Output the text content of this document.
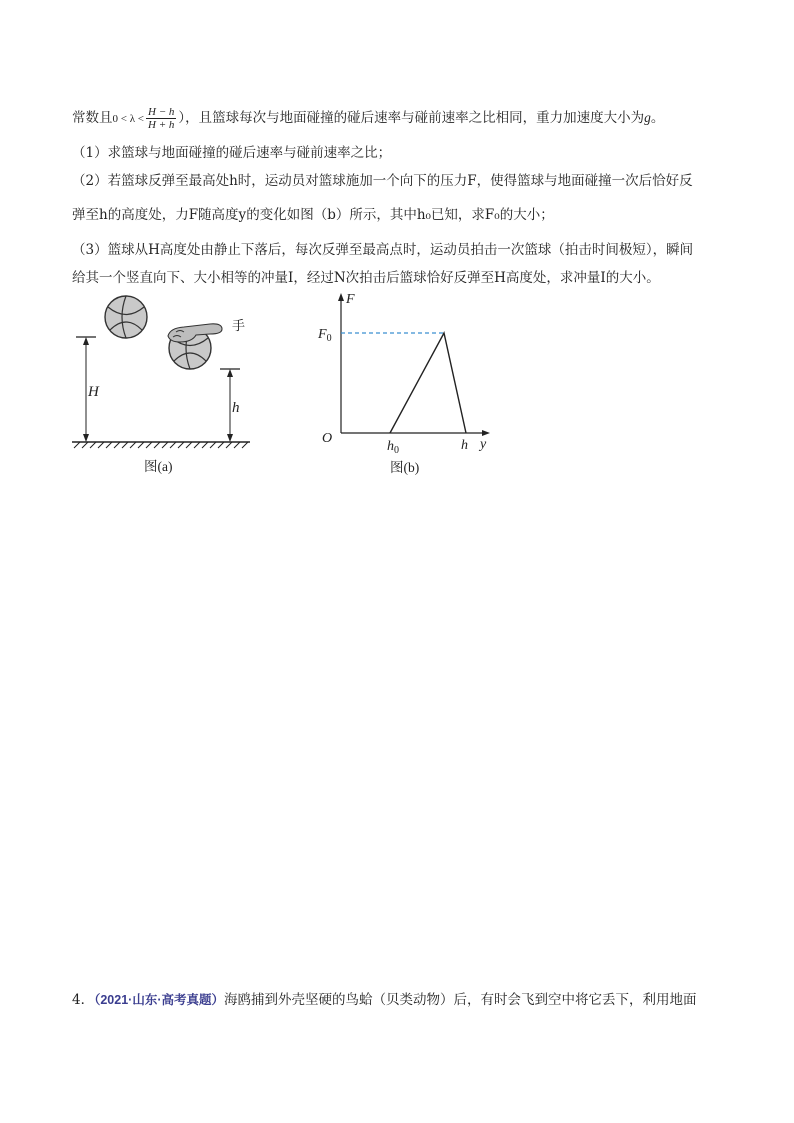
常数且$0 < \lambda < \frac{H - h}{H + h}$ ），且篮球每次与地面碰撞的碰后速率与碰前速率之比相同，重力加速度大小为g。
（1）求篮球与地面碰撞的碰后速率与碰前速率之比；
（2）若篮球反弹至最高处h时，运动员对篮球施加一个向下的压力F，使得篮球与地面碰撞一次后恰好反
弹至h的高度处，力F随高度y的变化如图（b）所示，其中h₀已知，求F₀的大小；
（3）篮球从H高度处由静止下落后，每次反弹至最高点时，运动员拍击一次篮球（拍击时间极短），瞬间
给其一个竖直向下、大小相等的冲量I，经过N次拍击后篮球恰好反弹至H高度处，求冲量I的大小。
H
手
h
图(a)
F
y
O
$F_0$
$h_0$	h
图(b)
4．（2021·山东·高考真题）海鸥捕到外壳坚硬的鸟蛤（贝类动物）后，有时会飞到空中将它丢下，利用地面
